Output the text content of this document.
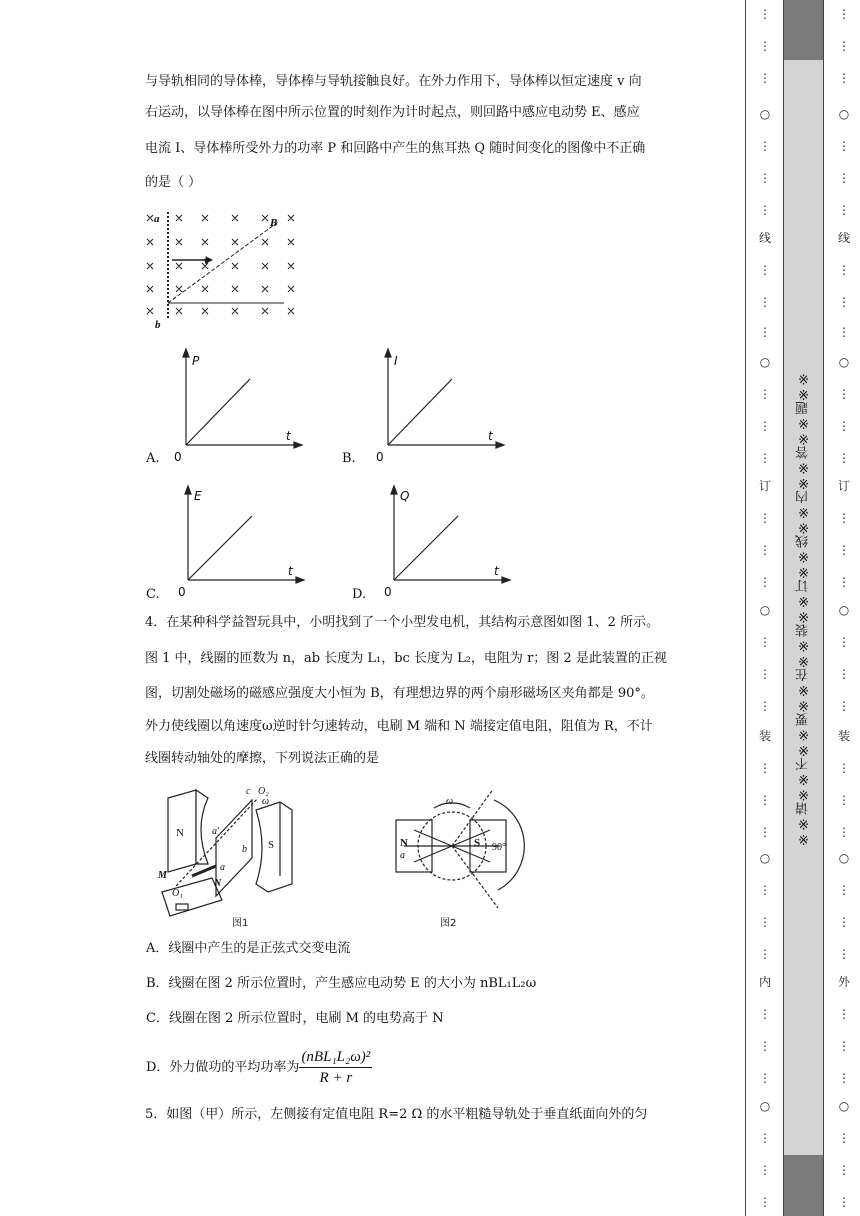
与导轨相同的导体棒，导体棒与导轨接触良好。在外力作用下，导体棒以恒定速度 v 向
右运动，以导体棒在图中所示位置的时刻作为计时起点，则回路中感应电动势 E、感应
电流 I、导体棒所受外力的功率 P 和回路中产生的焦耳热 Q 随时间变化的图像中不正确
的是（ ）
a
b
B
v
A.
P
t
0	B.
I
t
0
C.
E
t
0	D.
Q
t
0
4．在某种科学益智玩具中，小明找到了一个小型发电机，其结构示意图如图 1、2 所示。
图 1 中，线圈的匝数为 n，ab 长度为 L₁，bc 长度为 L₂，电阻为 r；图 2 是此装置的正视
图，切割处磁场的磁感应强度大小恒为 B，有理想边界的两个扇形磁场区夹角都是 90°。
外力使线圈以角速度ω逆时针匀速转动，电刷 M 端和 N 端接定值电阻，阻值为 R，不计
线圈转动轴处的摩擦，下列说法正确的是
N
S
M
N
O₁
O₂
ω
a
b
c
a'
图1
N	S
ω
90°
a
图2
A．线圈中产生的是正弦式交变电流
B．线圈在图 2 所示位置时，产生感应电动势 E 的大小为 nBL₁L₂ω
C．线圈在图 2 所示位置时，电刷 M 的电势高于 N
D．外力做功的平均功率为 $\frac{\text{(nBL₁L₂ω)²}}{R + r}$
5．如图（甲）所示，左侧接有定值电阻 R=2 Ω 的水平粗糙导轨处于垂直纸面向外的匀
※※请※※不※※要※※在※※装※※订※※线※※内※※答※※题※※
⋮
⋮
⋮
○
⋮
⋮
⋮
线
⋮
⋮
⋮
○
⋮
⋮
⋮
订
⋮
⋮
⋮
○
⋮
⋮
⋮
装
⋮
⋮
⋮
○
⋮
⋮
⋮
内
⋮
⋮
⋮
○
⋮
⋮
⋮
⋮
⋮
⋮
○
⋮
⋮
⋮
线
⋮
⋮
⋮
○
⋮
⋮
⋮
订
⋮
⋮
⋮
○
⋮
⋮
⋮
装
⋮
⋮
⋮
○
⋮
⋮
⋮
外
⋮
⋮
⋮
○
⋮
⋮
⋮
